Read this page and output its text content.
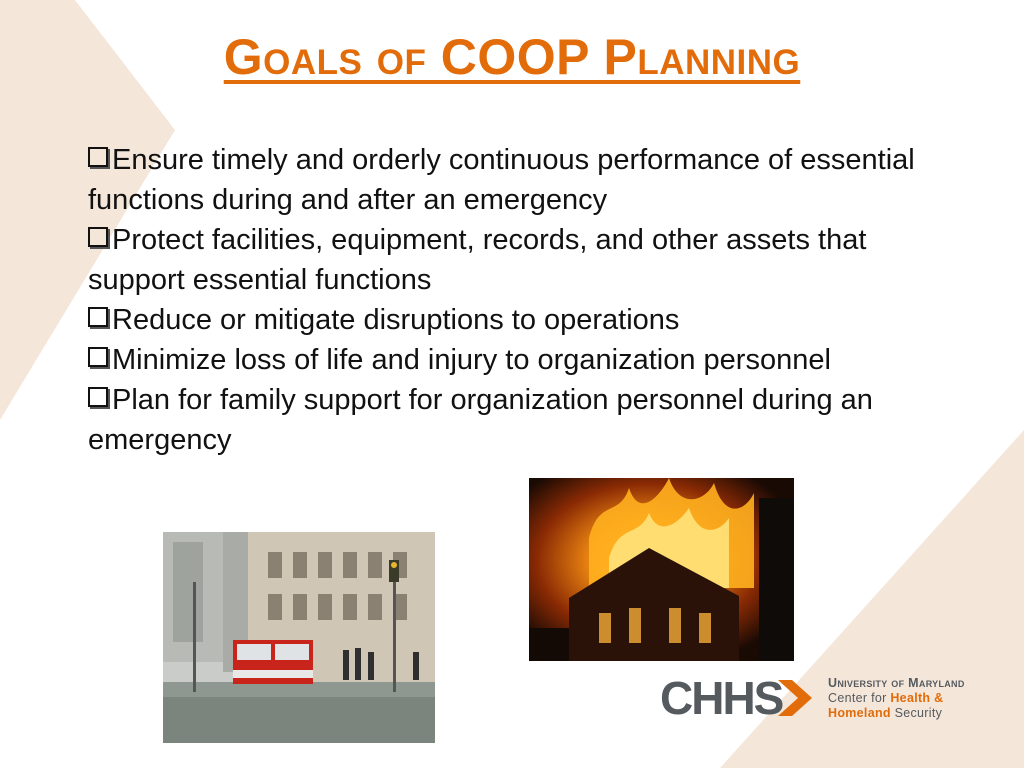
Goals of COOP Planning
Ensure timely and orderly continuous performance of essential functions during and after an emergency
Protect facilities, equipment, records, and other assets that support essential functions
Reduce or mitigate disruptions to operations
Minimize loss of life and injury to organization personnel
Plan for family support for organization personnel during an emergency
CHHS	University of Maryland
Center for Health &
Homeland Security
